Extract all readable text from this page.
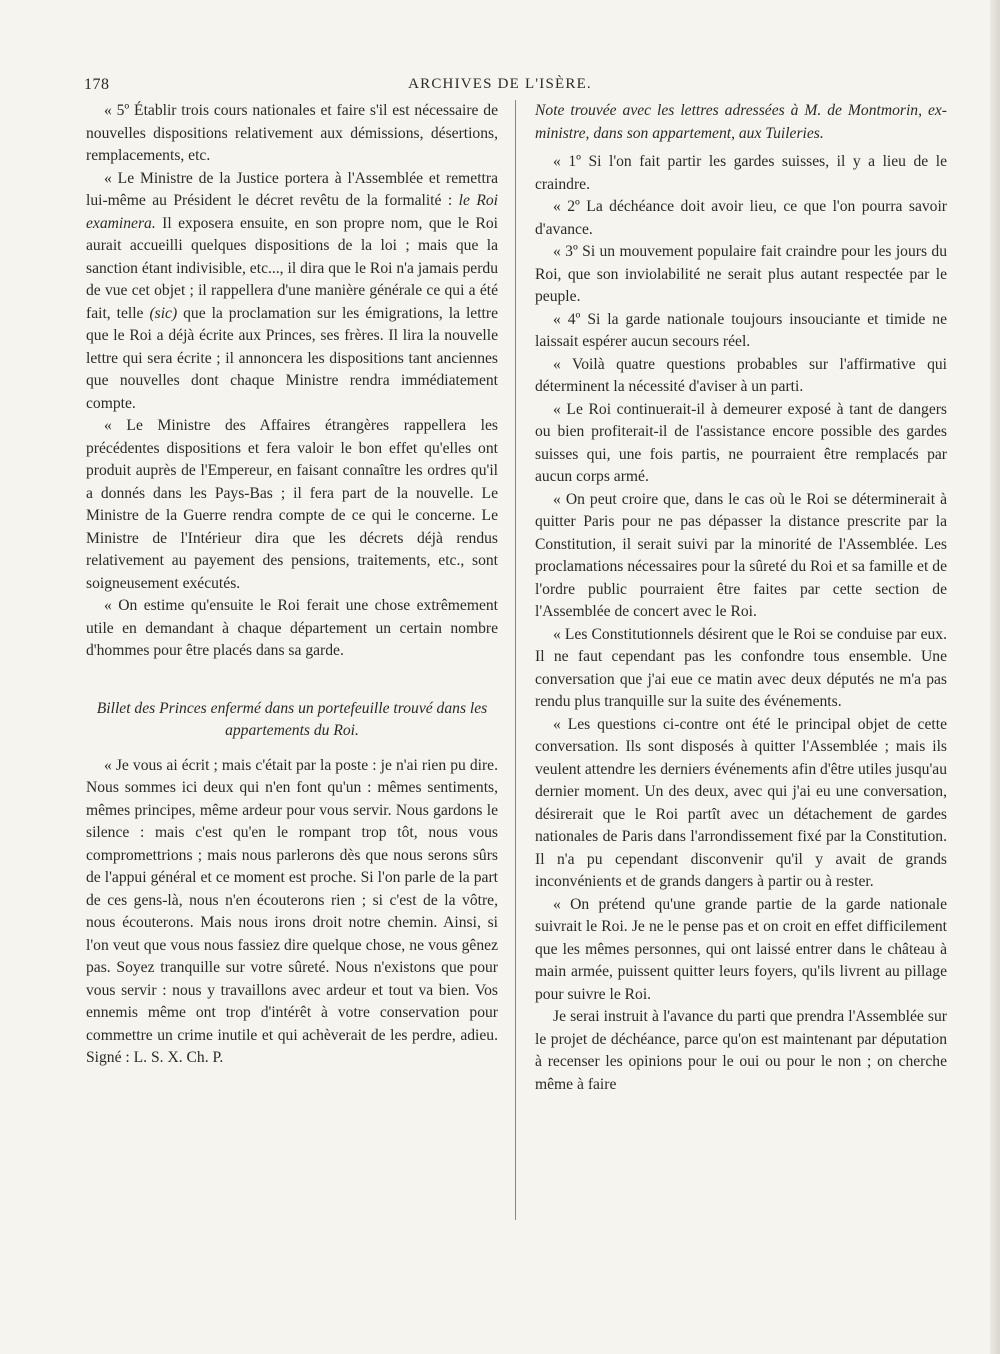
178	ARCHIVES DE L'ISÈRE.

« 5º Établir trois cours nationales et faire s'il est nécessaire de nouvelles dispositions relativement aux démissions, désertions, remplacements, etc.

« Le Ministre de la Justice portera à l'Assemblée et remettra lui-même au Président le décret revêtu de la formalité : le Roi examinera. Il exposera ensuite, en son propre nom, que le Roi aurait accueilli quelques dispositions de la loi ; mais que la sanction étant indivisible, etc..., il dira que le Roi n'a jamais perdu de vue cet objet ; il rappellera d'une manière générale ce qui a été fait, telle (sic) que la proclamation sur les émigrations, la lettre que le Roi a déjà écrite aux Princes, ses frères. Il lira la nouvelle lettre qui sera écrite ; il annoncera les dispositions tant anciennes que nouvelles dont chaque Ministre rendra immédiatement compte.

« Le Ministre des Affaires étrangères rappellera les précédentes dispositions et fera valoir le bon effet qu'elles ont produit auprès de l'Empereur, en faisant connaître les ordres qu'il a donnés dans les Pays-Bas ; il fera part de la nouvelle. Le Ministre de la Guerre rendra compte de ce qui le concerne. Le Ministre de l'Intérieur dira que les décrets déjà rendus relativement au payement des pensions, traitements, etc., sont soigneusement exécutés.

« On estime qu'ensuite le Roi ferait une chose extrêmement utile en demandant à chaque département un certain nombre d'hommes pour être placés dans sa garde.

Billet des Princes enfermé dans un portefeuille trouvé dans les appartements du Roi.

« Je vous ai écrit ; mais c'était par la poste : je n'ai rien pu dire. Nous sommes ici deux qui n'en font qu'un : mêmes sentiments, mêmes principes, même ardeur pour vous servir. Nous gardons le silence : mais c'est qu'en le rompant trop tôt, nous vous compromettrions ; mais nous parlerons dès que nous serons sûrs de l'appui général et ce moment est proche. Si l'on parle de la part de ces gens-là, nous n'en écouterons rien ; si c'est de la vôtre, nous écouterons. Mais nous irons droit notre chemin. Ainsi, si l'on veut que vous nous fassiez dire quelque chose, ne vous gênez pas. Soyez tranquille sur votre sûreté. Nous n'existons que pour vous servir : nous y travaillons avec ardeur et tout va bien. Vos ennemis même ont trop d'intérêt à votre conservation pour commettre un crime inutile et qui achèverait de les perdre, adieu. Signé : L. S. X. Ch. P.

Note trouvée avec les lettres adressées à M. de Montmorin, ex-ministre, dans son appartement, aux Tuileries.

« 1º Si l'on fait partir les gardes suisses, il y a lieu de le craindre.

« 2º La déchéance doit avoir lieu, ce que l'on pourra savoir d'avance.

« 3º Si un mouvement populaire fait craindre pour les jours du Roi, que son inviolabilité ne serait plus autant respectée par le peuple.

« 4º Si la garde nationale toujours insouciante et timide ne laissait espérer aucun secours réel.

« Voilà quatre questions probables sur l'affirmative qui déterminent la nécessité d'aviser à un parti.

« Le Roi continuerait-il à demeurer exposé à tant de dangers ou bien profiterait-il de l'assistance encore possible des gardes suisses qui, une fois partis, ne pourraient être remplacés par aucun corps armé.

« On peut croire que, dans le cas où le Roi se déterminerait à quitter Paris pour ne pas dépasser la distance prescrite par la Constitution, il serait suivi par la minorité de l'Assemblée. Les proclamations nécessaires pour la sûreté du Roi et sa famille et de l'ordre public pourraient être faites par cette section de l'Assemblée de concert avec le Roi.

« Les Constitutionnels désirent que le Roi se conduise par eux. Il ne faut cependant pas les confondre tous ensemble. Une conversation que j'ai eue ce matin avec deux députés ne m'a pas rendu plus tranquille sur la suite des événements.

« Les questions ci-contre ont été le principal objet de cette conversation. Ils sont disposés à quitter l'Assemblée ; mais ils veulent attendre les derniers événements afin d'être utiles jusqu'au dernier moment. Un des deux, avec qui j'ai eu une conversation, désirerait que le Roi partît avec un détachement de gardes nationales de Paris dans l'arrondissement fixé par la Constitution. Il n'a pu cependant disconvenir qu'il y avait de grands inconvénients et de grands dangers à partir ou à rester.

« On prétend qu'une grande partie de la garde nationale suivrait le Roi. Je ne le pense pas et on croit en effet difficilement que les mêmes personnes, qui ont laissé entrer dans le château à main armée, puissent quitter leurs foyers, qu'ils livrent au pillage pour suivre le Roi.

Je serai instruit à l'avance du parti que prendra l'Assemblée sur le projet de déchéance, parce qu'on est maintenant par députation à recenser les opinions pour le oui ou pour le non ; on cherche même à faire
